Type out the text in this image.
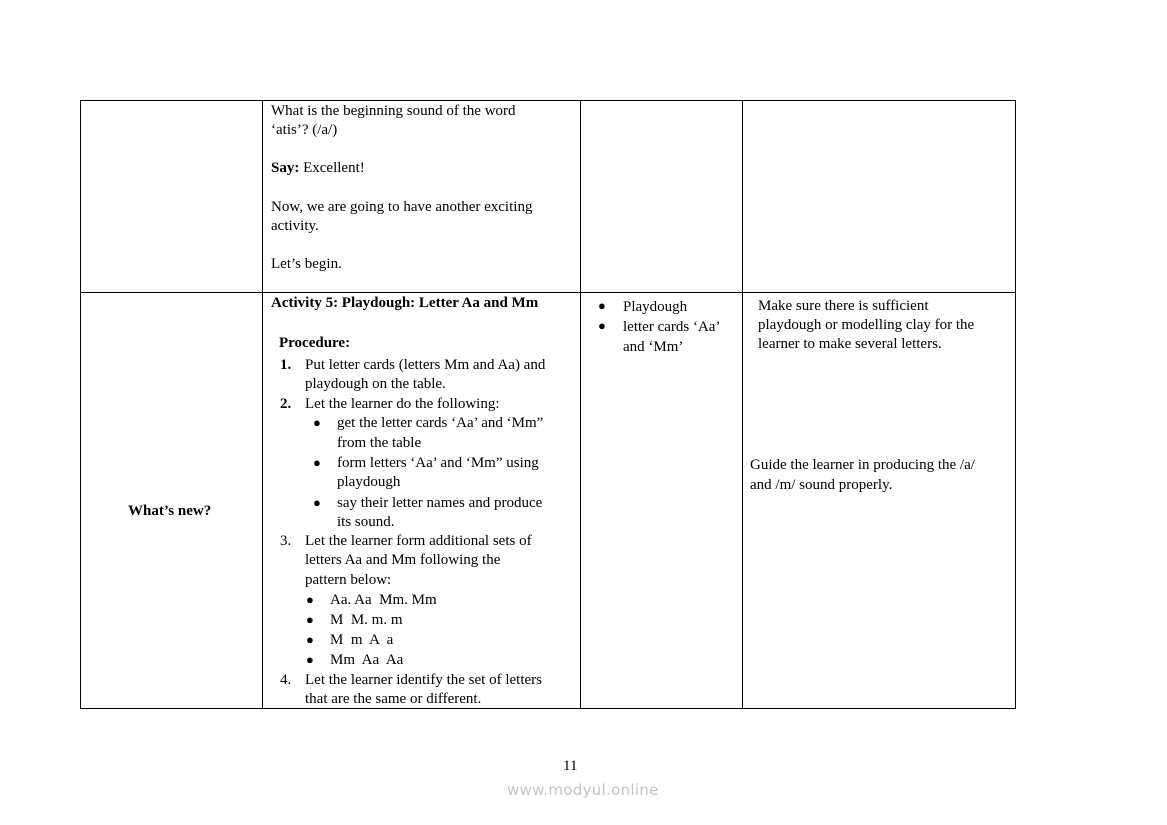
What is the beginning sound of the word
‘atis’? (/a/)
Say: Excellent!
Now, we are going to have another exciting
activity.
Let’s begin.
What’s new?
Activity 5: Playdough: Letter Aa and Mm
Procedure:
1. Put letter cards (letters Mm and Aa) and
playdough on the table.
2. Let the learner do the following:
● get the letter cards ‘Aa’ and ‘Mm”
from the table
● form letters ‘Aa’ and ‘Mm” using
playdough
● say their letter names and produce
its sound.
3. Let the learner form additional sets of
letters Aa and Mm following the
pattern below:
● Aa. Aa  Mm. Mm
● M  M. m. m
● M  m  A  a
● Mm  Aa  Aa
4. Let the learner identify the set of letters
that are the same or different.
● Playdough
● letter cards ‘Aa’
and ‘Mm’
Make sure there is sufficient
playdough or modelling clay for the
learner to make several letters.
Guide the learner in producing the /a/
and /m/ sound properly.
11
www.modyul.online
